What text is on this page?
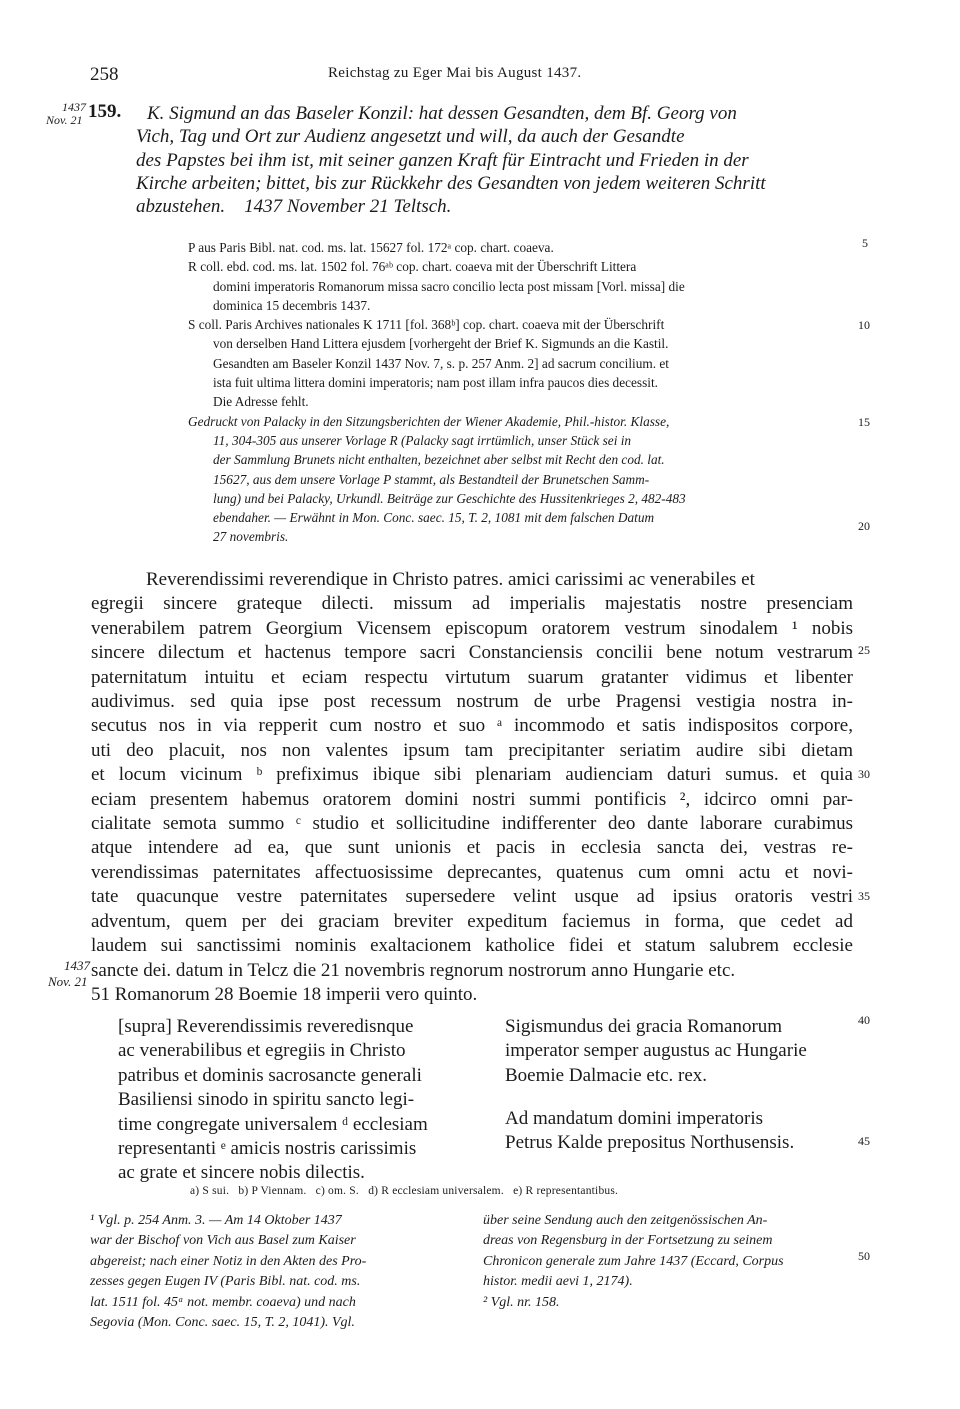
258	Reichstag zu Eger Mai bis August 1437.
1437
Nov. 21
1437
Nov. 21
5
10
15
20
25
30
35
40
45
50
159.	K. Sigmund an das Baseler Konzil: hat dessen Gesandten, dem Bf. Georg von

Vich, Tag und Ort zur Audienz angesetzt und will, da auch der Gesandte

des Papstes bei ihm ist, mit seiner ganzen Kraft für Eintracht und Frieden in der

Kirche arbeiten; bittet, bis zur Rückkehr des Gesandten von jedem weiteren Schritt

abzustehen.    1437 November 21 Teltsch.

P aus Paris Bibl. nat. cod. ms. lat. 15627 fol. 172ᵃ cop. chart. coaeva.
R coll. ebd. cod. ms. lat. 1502 fol. 76ᵃᵇ cop. chart. coaeva mit der Überschrift Littera
domini imperatoris Romanorum missa sacro concilio lecta post missam [Vorl. missa] die
dominica 15 decembris 1437.
S coll. Paris Archives nationales K 1711 [fol. 368ᵇ] cop. chart. coaeva mit der Überschrift
von derselben Hand Littera ejusdem [vorhergeht der Brief K. Sigmunds an die Kastil.
Gesandten am Baseler Konzil 1437 Nov. 7, s. p. 257 Anm. 2] ad sacrum concilium. et
ista fuit ultima littera domini imperatoris; nam post illam infra paucos dies decessit.
Die Adresse fehlt.
Gedruckt von Palacky in den Sitzungsberichten der Wiener Akademie, Phil.-histor. Klasse,
11, 304-305 aus unserer Vorlage R (Palacky sagt irrtümlich, unser Stück sei in
der Sammlung Brunets nicht enthalten, bezeichnet aber selbst mit Recht den cod. lat.
15627, aus dem unsere Vorlage P stammt, als Bestandteil der Brunetschen Samm-
lung) und bei Palacky, Urkundl. Beiträge zur Geschichte des Hussitenkrieges 2, 482-483
ebendaher. — Erwähnt in Mon. Conc. saec. 15, T. 2, 1081 mit dem falschen Datum
27 novembris.
Reverendissimi reverendique in Christo patres. amici carissimi ac venerabiles et
egregii sincere grateque dilecti. missum ad imperialis majestatis nostre presenciam
venerabilem patrem Georgium Vicensem episcopum oratorem vestrum sinodalem ¹ nobis
sincere dilectum et hactenus tempore sacri Constanciensis concilii bene notum vestrarum
paternitatum intuitu et eciam respectu virtutum suarum gratanter vidimus et libenter
audivimus. sed quia ipse post recessum nostrum de urbe Pragensi vestigia nostra in-
secutus nos in via repperit cum nostro et suo ᵃ incommodo et satis indispositos corpore,
uti deo placuit, nos non valentes ipsum tam precipitanter seriatim audire sibi dietam
et locum vicinum ᵇ prefiximus ibique sibi plenariam audienciam daturi sumus. et quia
eciam presentem habemus oratorem domini nostri summi pontificis ², idcirco omni par-
cialitate semota summo ᶜ studio et sollicitudine indifferenter deo dante laborare curabimus
atque intendere ad ea, que sunt unionis et pacis in ecclesia sancta dei, vestras re-
verendissimas paternitates affectuosissime deprecantes, quatenus cum omni actu et novi-
tate quacunque vestre paternitates supersedere velint usque ad ipsius oratoris vestri
adventum, quem per dei graciam breviter expeditum faciemus in forma, que cedet ad
laudem sui sanctissimi nominis exaltacionem katholice fidei et statum salubrem ecclesie
sancte dei. datum in Telcz die 21 novembris regnorum nostrorum anno Hungarie etc.
51 Romanorum 28 Boemie 18 imperii vero quinto.
[supra] Reverendissimis reveredisnque
ac venerabilibus et egregiis in Christo
patribus et dominis sacrosancte generali
Basiliensi sinodo in spiritu sancto legi-
time congregate universalem ᵈ ecclesiam
representanti ᵉ amicis nostris carissimis
ac grate et sincere nobis dilectis.
Sigismundus dei gracia Romanorum
imperator semper augustus ac Hungarie
Boemie Dalmacie etc. rex.
Ad mandatum domini imperatoris
Petrus Kalde prepositus Northusensis.
a) S sui.   b) P Viennam.   c) om. S.   d) R ecclesiam universalem.   e) R representantibus.
¹ Vgl. p. 254 Anm. 3. — Am 14 Oktober 1437
war der Bischof von Vich aus Basel zum Kaiser
abgereist; nach einer Notiz in den Akten des Pro-
zesses gegen Eugen IV (Paris Bibl. nat. cod. ms.
lat. 1511 fol. 45ᵃ not. membr. coaeva) und nach
Segovia (Mon. Conc. saec. 15, T. 2, 1041). Vgl.
über seine Sendung auch den zeitgenössischen An-
dreas von Regensburg in der Fortsetzung zu seinem
Chronicon generale zum Jahre 1437 (Eccard, Corpus
histor. medii aevi 1, 2174).
² Vgl. nr. 158.
